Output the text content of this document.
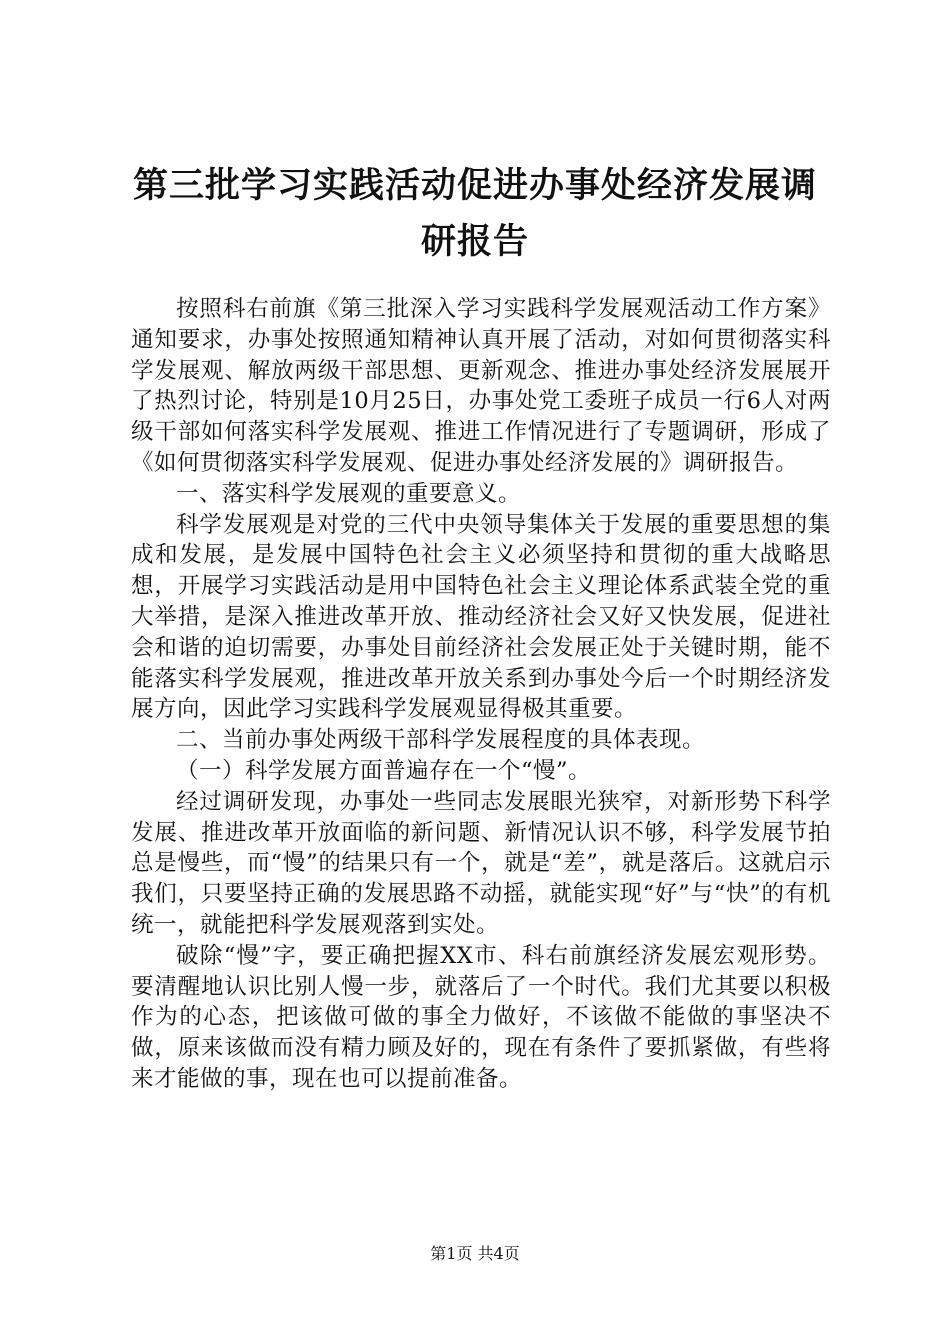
第三批学习实践活动促进办事处经济发展调研报告

按照科右前旗《第三批深入学习实践科学发展观活动工作方案》通知要求，办事处按照通知精神认真开展了活动，对如何贯彻落实科学发展观、解放两级干部思想、更新观念、推进办事处经济发展展开了热烈讨论，特别是10月25日，办事处党工委班子成员一行6人对两级干部如何落实科学发展观、推进工作情况进行了专题调研，形成了《如何贯彻落实科学发展观、促进办事处经济发展的》调研报告。

一、落实科学发展观的重要意义。

科学发展观是对党的三代中央领导集体关于发展的重要思想的集成和发展，是发展中国特色社会主义必须坚持和贯彻的重大战略思想，开展学习实践活动是用中国特色社会主义理论体系武装全党的重大举措，是深入推进改革开放、推动经济社会又好又快发展，促进社会和谐的迫切需要，办事处目前经济社会发展正处于关键时期，能不能落实科学发展观，推进改革开放关系到办事处今后一个时期经济发展方向，因此学习实践科学发展观显得极其重要。

二、当前办事处两级干部科学发展程度的具体表现。

（一）科学发展方面普遍存在一个“慢”。

经过调研发现，办事处一些同志发展眼光狭窄，对新形势下科学发展、推进改革开放面临的新问题、新情况认识不够，科学发展节拍总是慢些，而“慢”的结果只有一个，就是“差”，就是落后。这就启示我们，只要坚持正确的发展思路不动摇，就能实现“好”与“快”的有机统一，就能把科学发展观落到实处。

破除“慢”字，要正确把握XX市、科右前旗经济发展宏观形势。要清醒地认识比别人慢一步，就落后了一个时代。我们尤其要以积极作为的心态，把该做可做的事全力做好，不该做不能做的事坚决不做，原来该做而没有精力顾及好的，现在有条件了要抓紧做，有些将来才能做的事，现在也可以提前准备。

第1页 共4页
